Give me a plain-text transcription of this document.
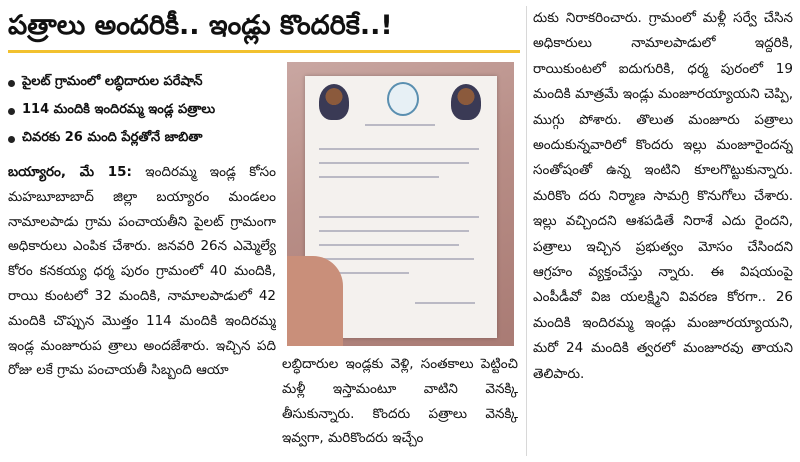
పత్రాలు అందరికీ.. ఇండ్లు కొందరికే..!
పైలట్ గ్రామంలో లబ్ధిదారుల పరేషాన్
114 మందికి ఇందిరమ్మ ఇండ్ల పత్రాలు
చివరకు 26 మంది పేర్లతోనే జాబితా

బయ్యారం, మే 15: ఇందిరమ్మ ఇండ్ల కోసం మహబూబాబాద్ జిల్లా బయ్యారం మండలం నామాలపాడు గ్రామ పంచాయతీని పైలట్ గ్రామంగా అధికారులు ఎంపిక చేశారు. జనవరి 26న ఎమ్మెల్యే కోరం కనకయ్య ధర్మ పురం గ్రామంలో 40 మందికి, రాయి కుంటలో 32 మందికి, నామాలపాడులో 42 మందికి చొప్పున మొత్తం 114 మందికి ఇందిరమ్మ ఇండ్ల మంజూరుప త్రాలు అందజేశారు. ఇచ్చిన పది రోజు లకే గ్రామ పంచాయతీ సిబ్బంది ఆయా	లబ్ధిదారుల ఇండ్లకు వెళ్లి, సంతకాలు పెట్టించి మళ్లీ ఇస్తామంటూ వాటిని వెనక్కి తీసుకున్నారు. కొందరు పత్రాలు వెనక్కి ఇవ్వగా, మరికొందరు ఇచ్చేం

దుకు నిరాకరించారు. గ్రామంలో మళ్లీ సర్వే చేసిన అధికారులు నామాలపాడులో ఇద్దరికి, రాయికుంటలో ఐదుగురికి, ధర్మ పురంలో 19 మందికి మాత్రమే ఇండ్లు మంజూరయ్యాయని చెప్పి, ముగ్గు పోశారు. తొలుత మంజూరు పత్రాలు అందుకున్నవారిలో కొందరు ఇల్లు మంజూరైందన్న సంతోషంతో ఉన్న ఇంటిని కూలగొట్టుకున్నారు. మరికొం దరు నిర్మాణ సామగ్రి కొనుగోలు చేశారు. ఇల్లు వచ్చిందని ఆశపడితే నిరాశే ఎదు రైందని, పత్రాలు ఇచ్చిన ప్రభుత్వం మోసం చేసిందని ఆగ్రహం వ్యక్తంచేస్తు న్నారు. ఈ విషయంపై ఎంపీడీవో విజ యలక్ష్మిని వివరణ కోరగా.. 26 మందికి ఇందిరమ్మ ఇండ్లు మంజూరయ్యాయని, మరో 24 మందికి త్వరలో మంజూరవు తాయని తెలిపారు.
